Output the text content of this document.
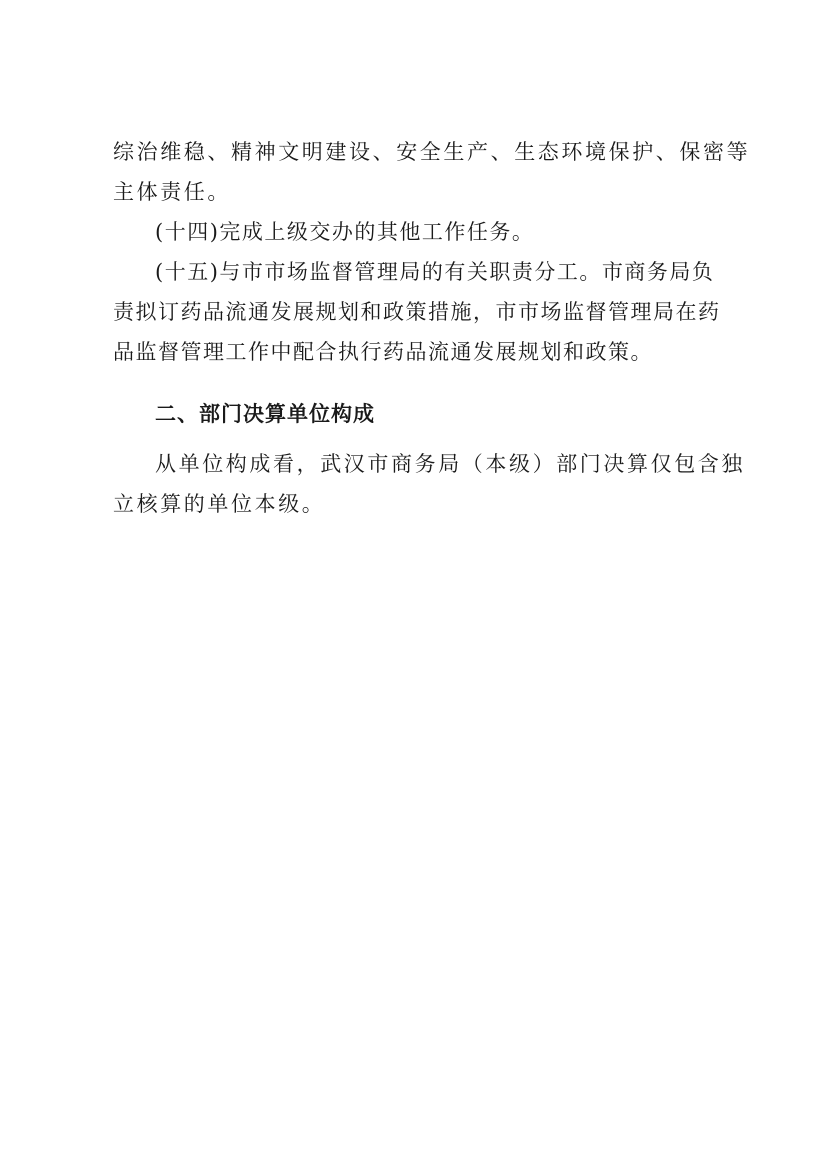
综治维稳、精神文明建设、安全生产、生态环境保护、保密等
主体责任。
(十四)完成上级交办的其他工作任务。
(十五)与市市场监督管理局的有关职责分工。市商务局负
责拟订药品流通发展规划和政策措施，市市场监督管理局在药
品监督管理工作中配合执行药品流通发展规划和政策。
二、部门决算单位构成
从单位构成看，武汉市商务局（本级）部门决算仅包含独
立核算的单位本级。
